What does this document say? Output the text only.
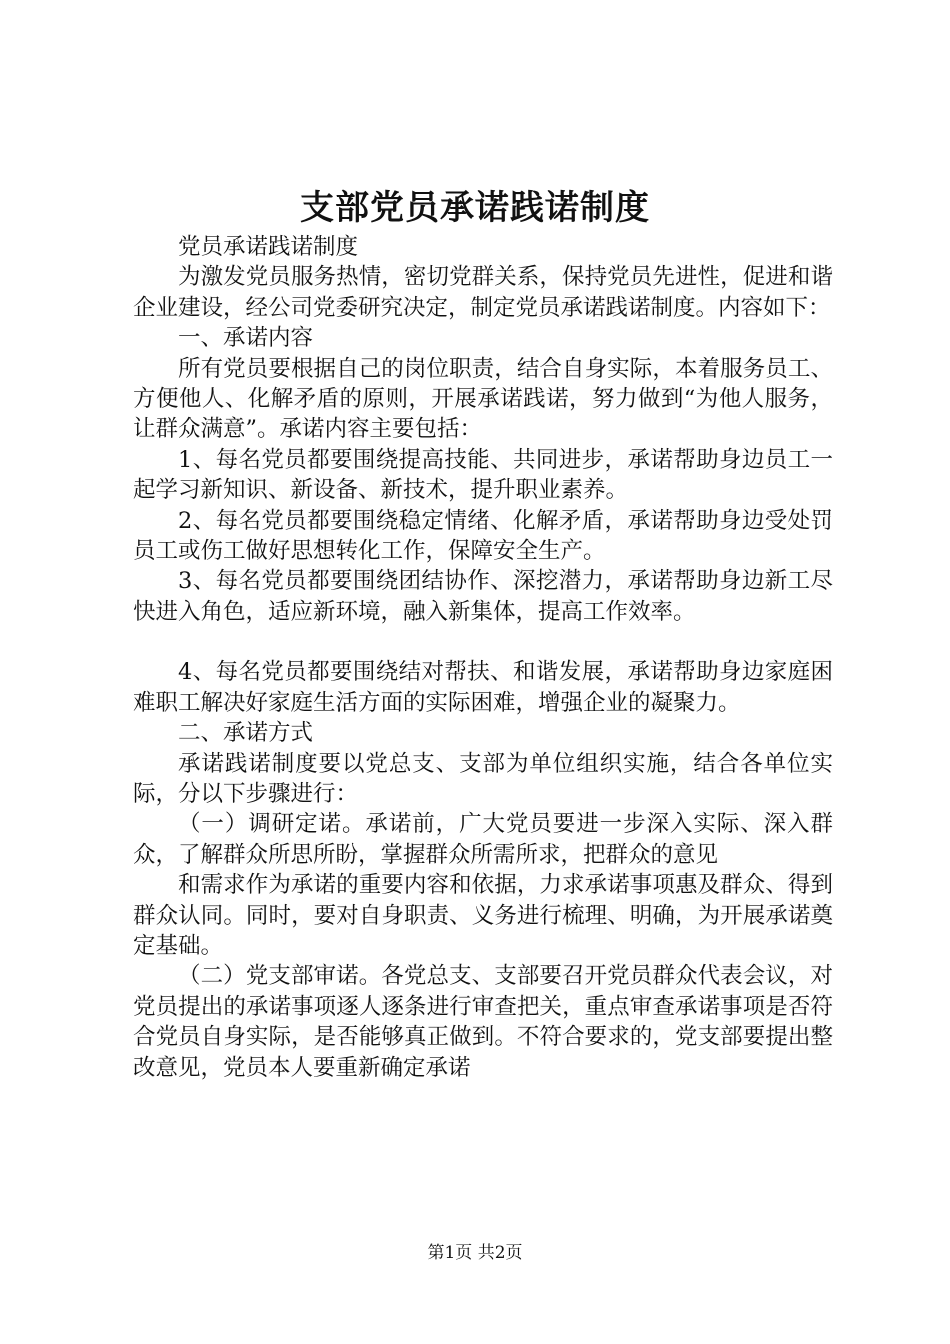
支部党员承诺践诺制度

党员承诺践诺制度

为激发党员服务热情，密切党群关系，保持党员先进性，促进和谐企业建设，经公司党委研究决定，制定党员承诺践诺制度。内容如下：

一、承诺内容

所有党员要根据自己的岗位职责，结合自身实际，本着服务员工、方便他人、化解矛盾的原则，开展承诺践诺，努力做到“为他人服务，让群众满意”。承诺内容主要包括：

1、每名党员都要围绕提高技能、共同进步，承诺帮助身边员工一起学习新知识、新设备、新技术，提升职业素养。

2、每名党员都要围绕稳定情绪、化解矛盾，承诺帮助身边受处罚员工或伤工做好思想转化工作，保障安全生产。

3、每名党员都要围绕团结协作、深挖潜力，承诺帮助身边新工尽快进入角色，适应新环境，融入新集体，提高工作效率。

4、每名党员都要围绕结对帮扶、和谐发展，承诺帮助身边家庭困难职工解决好家庭生活方面的实际困难，增强企业的凝聚力。

二、承诺方式

承诺践诺制度要以党总支、支部为单位组织实施，结合各单位实际，分以下步骤进行：

（一）调研定诺。承诺前，广大党员要进一步深入实际、深入群众，了解群众所思所盼，掌握群众所需所求，把群众的意见

和需求作为承诺的重要内容和依据，力求承诺事项惠及群众、得到群众认同。同时，要对自身职责、义务进行梳理、明确，为开展承诺奠定基础。

（二）党支部审诺。各党总支、支部要召开党员群众代表会议，对党员提出的承诺事项逐人逐条进行审查把关，重点审查承诺事项是否符合党员自身实际，是否能够真正做到。不符合要求的，党支部要提出整改意见，党员本人要重新确定承诺

第1页 共2页
